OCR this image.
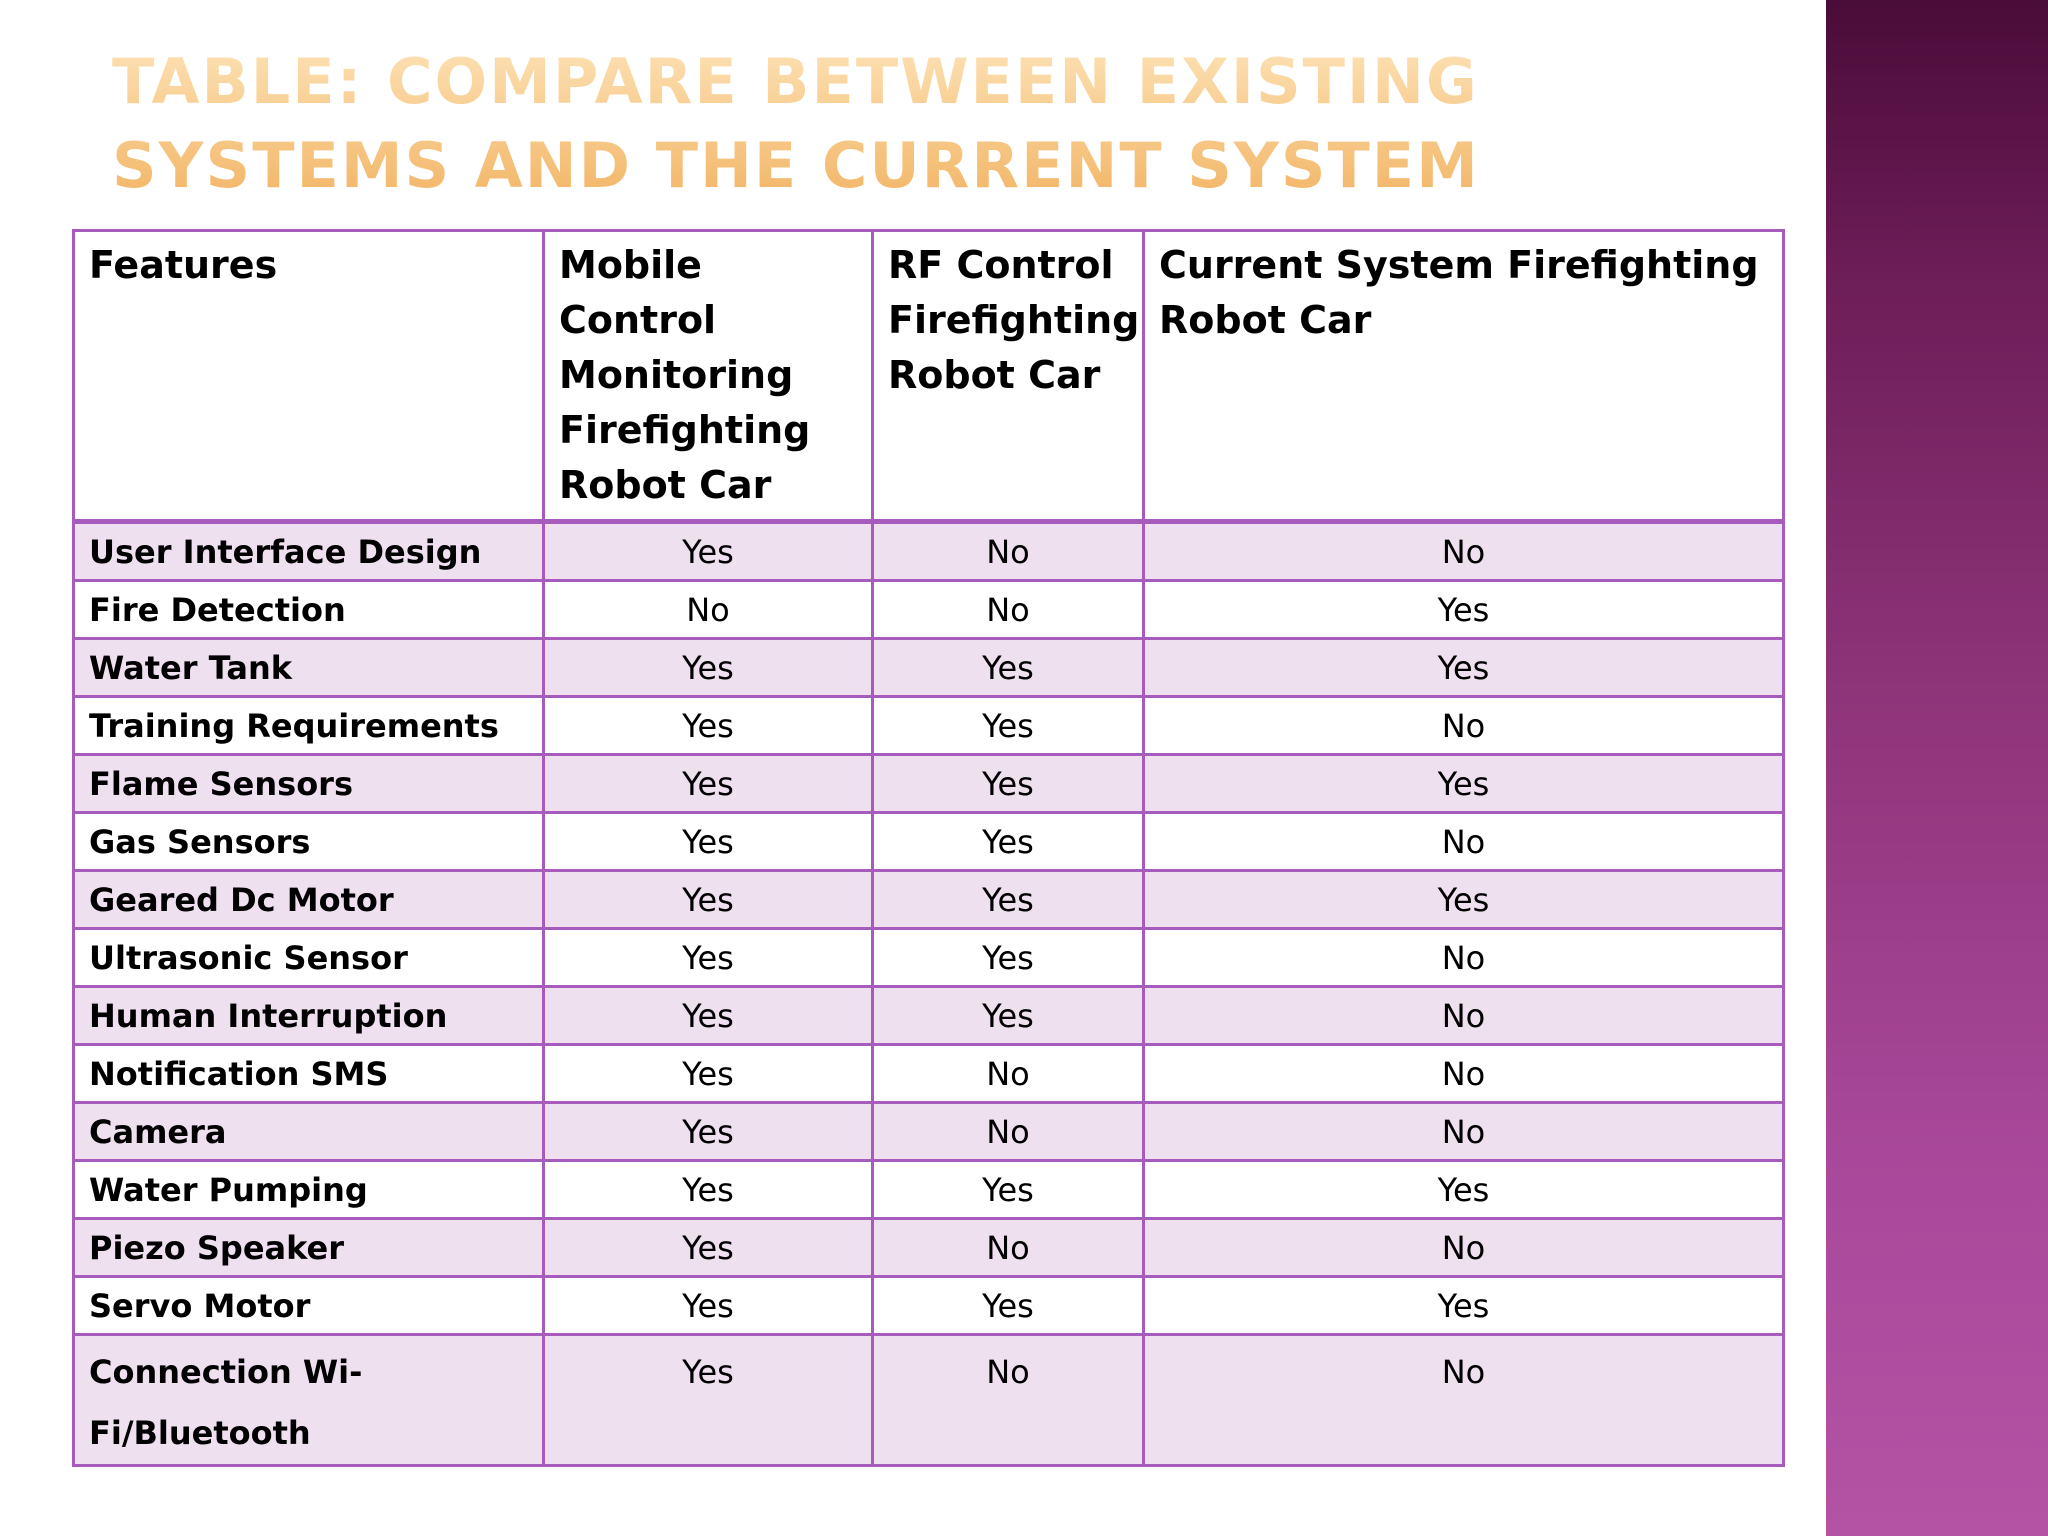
TABLE: COMPARE BETWEEN EXISTING SYSTEMS AND THE CURRENT SYSTEM
Features	Mobile Control Monitoring Firefighting Robot Car	RF Control Firefighting Robot Car	Current System Firefighting Robot Car
User Interface Design	Yes	No	No
Fire Detection	No	No	Yes
Water Tank	Yes	Yes	Yes
Training Requirements	Yes	Yes	No
Flame Sensors	Yes	Yes	Yes
Gas Sensors	Yes	Yes	No
Geared Dc Motor	Yes	Yes	Yes
Ultrasonic Sensor	Yes	Yes	No
Human Interruption	Yes	Yes	No
Notification SMS	Yes	No	No
Camera	Yes	No	No
Water Pumping	Yes	Yes	Yes
Piezo Speaker	Yes	No	No
Servo Motor	Yes	Yes	Yes
Connection Wi-Fi/Bluetooth	Yes	No	No
